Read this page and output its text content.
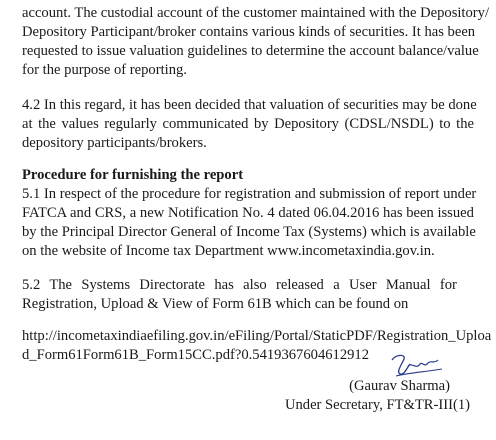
account. The custodial account of the customer maintained with the Depository/
Depository Participant/broker contains various kinds of securities. It has been
requested to issue valuation guidelines to determine the account balance/value
for the purpose of reporting.
4.2 In this regard, it has been decided that valuation of securities may be done
at the values regularly communicated by Depository (CDSL/NSDL) to the
depository participants/brokers.
Procedure for furnishing the report
5.1 In respect of the procedure for registration and submission of report under
FATCA and CRS, a new Notification No. 4 dated 06.04.2016 has been issued
by the Principal Director General of Income Tax (Systems) which is available
on the website of Income tax Department www.incometaxindia.gov.in.
5.2 The Systems Directorate has also released a User Manual for
Registration, Upload & View of Form 61B which can be found on
http://incometaxindiaefiling.gov.in/eFiling/Portal/StaticPDF/Registration_Uploa
d_Form61Form61B_Form15CC.pdf?0.5419367604612912
(Gaurav Sharma)
Under Secretary, FT&TR-III(1)
